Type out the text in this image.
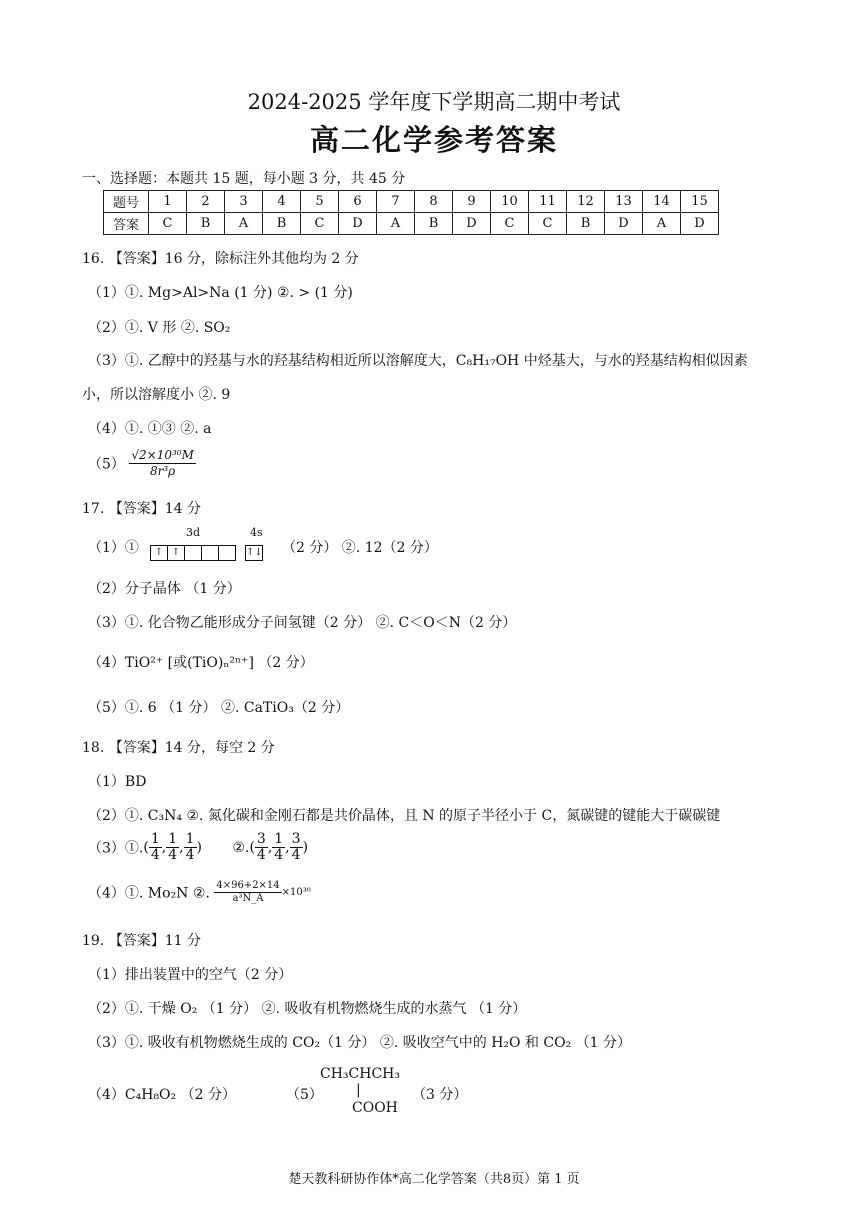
2024-2025 学年度下学期高二期中考试
高二化学参考答案
一、选择题：本题共 15 题，每小题 3 分，共 45 分
题号	1	2	3	4	5	6	7	8	9	10	11	12	13	14	15
答案	C	B	A	B	C	D	A	B	D	C	C	B	D	A	D
16. 【答案】16 分，除标注外其他均为 2 分
（1）①. Mg>Al>Na (1 分) ②. > (1 分)
（2）①. V 形 ②. SO₂
（3）①. 乙醇中的羟基与水的羟基结构相近所以溶解度大，C₈H₁₇OH 中烃基大，与水的羟基结构相似因素
小，所以溶解度小 ②. 9
（4）①. ①③ ②. a
$(5) \frac{\text{√2×10³⁰M}}{\text{8r³ρ}}$
17. 【答案】14 分
（1）①
3d	4s
↑ ↑	↑↓ （2 分） ②. 12（2 分）
（2）分子晶体 （1 分）
（3）①. 化合物乙能形成分子间氢键（2 分） ②. C＜O＜N（2 分）
（4）TiO²⁺ [或(TiO)ₙ²ⁿ⁺] （2 分）
（5）①. 6 （1 分） ②. CaTiO₃（2 分）
18. 【答案】14 分，每空 2 分
（1）BD
（2）①. C₃N₄ ②. 氮化碳和金刚石都是共价晶体，且 N 的原子半径小于 C，氮碳键的键能大于碳碳键
（3）①.( $\frac{1}{4}$ , $\frac{1}{4}$ , $\frac{1}{4}$ ) ②.( $\frac{3}{4}$ , $\frac{1}{4}$ , $\frac{3}{4}$ )
（4）①. Mo₂N ②. $\frac{4\times 96+2\times 14}{\text{a³N\_A}} \times 10^{30}$
19. 【答案】11 分
（1）排出装置中的空气（2 分）
（2）①. 干燥 O₂ （1 分） ②. 吸收有机物燃烧生成的水蒸气 （1 分）
（3）①. 吸收有机物燃烧生成的 CO₂（1 分） ②. 吸收空气中的 H₂O 和 CO₂ （1 分）
（4）C₄H₈O₂ （2 分）	（5）
CH₃CHCH₃
|
COOH
（3 分）
楚天教科研协作体*高二化学答案（共8页）第 1 页
